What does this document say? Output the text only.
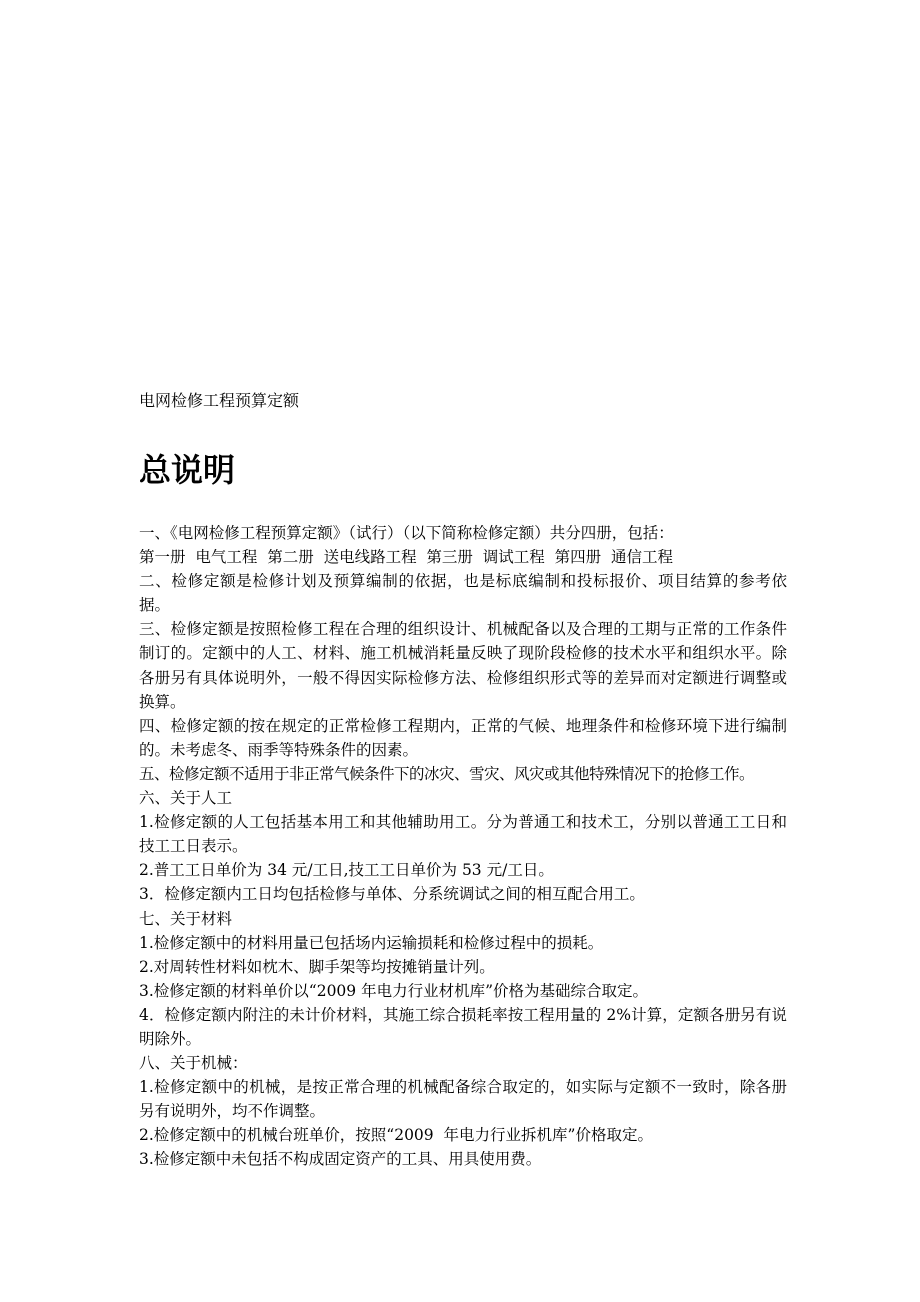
电网检修工程预算定额
总说明

一、《电网检修工程预算定额》（试行）（以下简称检修定额）共分四册，包括：

第一册  电气工程  第二册  送电线路工程  第三册  调试工程  第四册  通信工程

二、检修定额是检修计划及预算编制的依据，也是标底编制和投标报价、项目结算的参考依据。

三、检修定额是按照检修工程在合理的组织设计、机械配备以及合理的工期与正常的工作条件制订的。定额中的人工、材料、施工机械消耗量反映了现阶段检修的技术水平和组织水平。除各册另有具体说明外，一般不得因实际检修方法、检修组织形式等的差异而对定额进行调整或换算。

四、检修定额的按在规定的正常检修工程期内，正常的气候、地理条件和检修环境下进行编制的。未考虑冬、雨季等特殊条件的因素。

五、检修定额不适用于非正常气候条件下的冰灾、雪灾、风灾或其他特殊情况下的抢修工作。

六、关于人工

1.检修定额的人工包括基本用工和其他辅助用工。分为普通工和技术工，分别以普通工工日和技工工日表示。

2.普工工日单价为 34 元/工日,技工工日单价为 53 元/工日。

3．检修定额内工日均包括检修与单体、分系统调试之间的相互配合用工。

七、关于材料

1.检修定额中的材料用量已包括场内运输损耗和检修过程中的损耗。

2.对周转性材料如枕木、脚手架等均按摊销量计列。

3.检修定额的材料单价以“2009 年电力行业材机库”价格为基础综合取定。

4．检修定额内附注的未计价材料，其施工综合损耗率按工程用量的 2%计算，定额各册另有说明除外。

八、关于机械：

1.检修定额中的机械，是按正常合理的机械配备综合取定的，如实际与定额不一致时，除各册另有说明外，均不作调整。

2.检修定额中的机械台班单价，按照“2009  年电力行业拆机库”价格取定。

3.检修定额中未包括不构成固定资产的工具、用具使用费。
